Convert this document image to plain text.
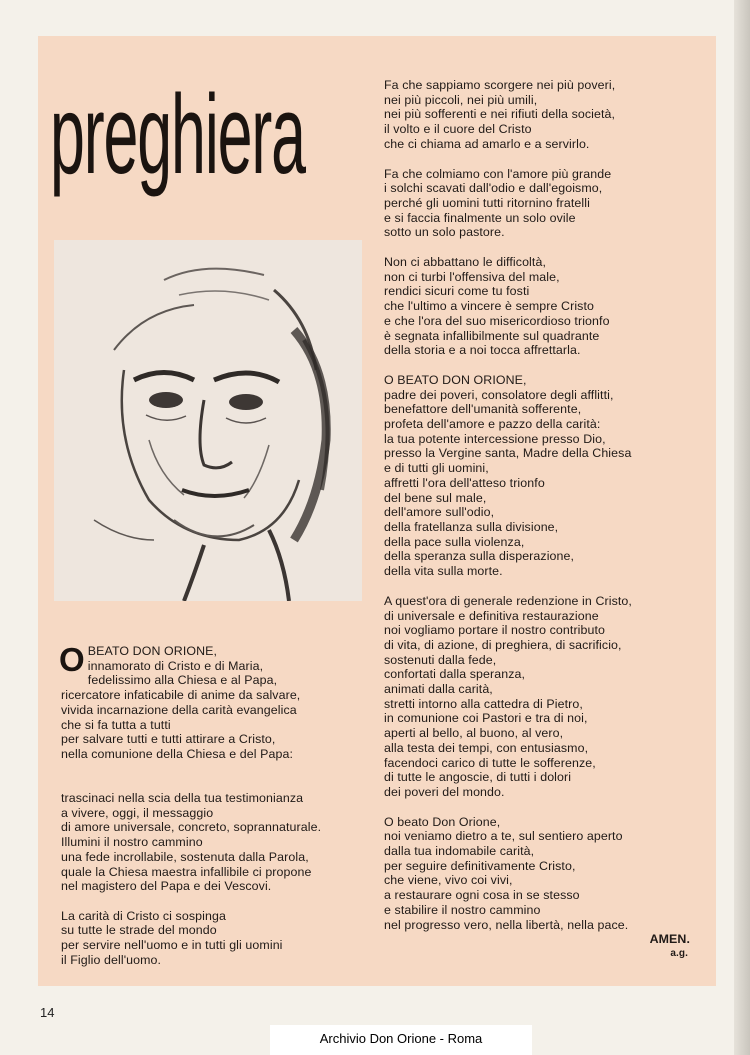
preghiera

O BEATO DON ORIONE,
innamorato di Cristo e di Maria,
fedelissimo alla Chiesa e al Papa,
ricercatore infaticabile di anime da salvare,
vivida incarnazione della carità evangelica
che si fa tutta a tutti
per salvare tutti e tutti attirare a Cristo,
nella comunione della Chiesa e del Papa:

trascinaci nella scia della tua testimonianza
a vivere, oggi, il messaggio
di amore universale, concreto, soprannaturale.
Illumini il nostro cammino
una fede incrollabile, sostenuta dalla Parola,
quale la Chiesa maestra infallibile ci propone
nel magistero del Papa e dei Vescovi.

La carità di Cristo ci sospinga
su tutte le strade del mondo
per servire nell'uomo e in tutti gli uomini
il Figlio dell'uomo.

Fa che sappiamo scorgere nei più poveri,
nei più piccoli, nei più umili,
nei più sofferenti e nei rifiuti della società,
il volto e il cuore del Cristo
che ci chiama ad amarlo e a servirlo.

Fa che colmiamo con l'amore più grande
i solchi scavati dall'odio e dall'egoismo,
perché gli uomini tutti ritornino fratelli
e si faccia finalmente un solo ovile
sotto un solo pastore.

Non ci abbattano le difficoltà,
non ci turbi l'offensiva del male,
rendici sicuri come tu fosti
che l'ultimo a vincere è sempre Cristo
e che l'ora del suo misericordioso trionfo
è segnata infallibilmente sul quadrante
della storia e a noi tocca affrettarla.

O BEATO DON ORIONE,
padre dei poveri, consolatore degli afflitti,
benefattore dell'umanità sofferente,
profeta dell'amore e pazzo della carità:
la tua potente intercessione presso Dio,
presso la Vergine santa, Madre della Chiesa
e di tutti gli uomini,
affretti l'ora dell'atteso trionfo
del bene sul male,
dell'amore sull'odio,
della fratellanza sulla divisione,
della pace sulla violenza,
della speranza sulla disperazione,
della vita sulla morte.

A quest'ora di generale redenzione in Cristo,
di universale e definitiva restaurazione
noi vogliamo portare il nostro contributo
di vita, di azione, di preghiera, di sacrificio,
sostenuti dalla fede,
confortati dalla speranza,
animati dalla carità,
stretti intorno alla cattedra di Pietro,
in comunione coi Pastori e tra di noi,
aperti al bello, al buono, al vero,
alla testa dei tempi, con entusiasmo,
facendoci carico di tutte le sofferenze,
di tutte le angoscie, di tutti i dolori
dei poveri del mondo.

O beato Don Orione,
noi veniamo dietro a te, sul sentiero aperto
dalla tua indomabile carità,
per seguire definitivamente Cristo,
che viene, vivo coi vivi,
a restaurare ogni cosa in se stesso
e stabilire il nostro cammino
nel progresso vero, nella libertà, nella pace.

AMEN.

a.g.

14
Archivio Don Orione - Roma
